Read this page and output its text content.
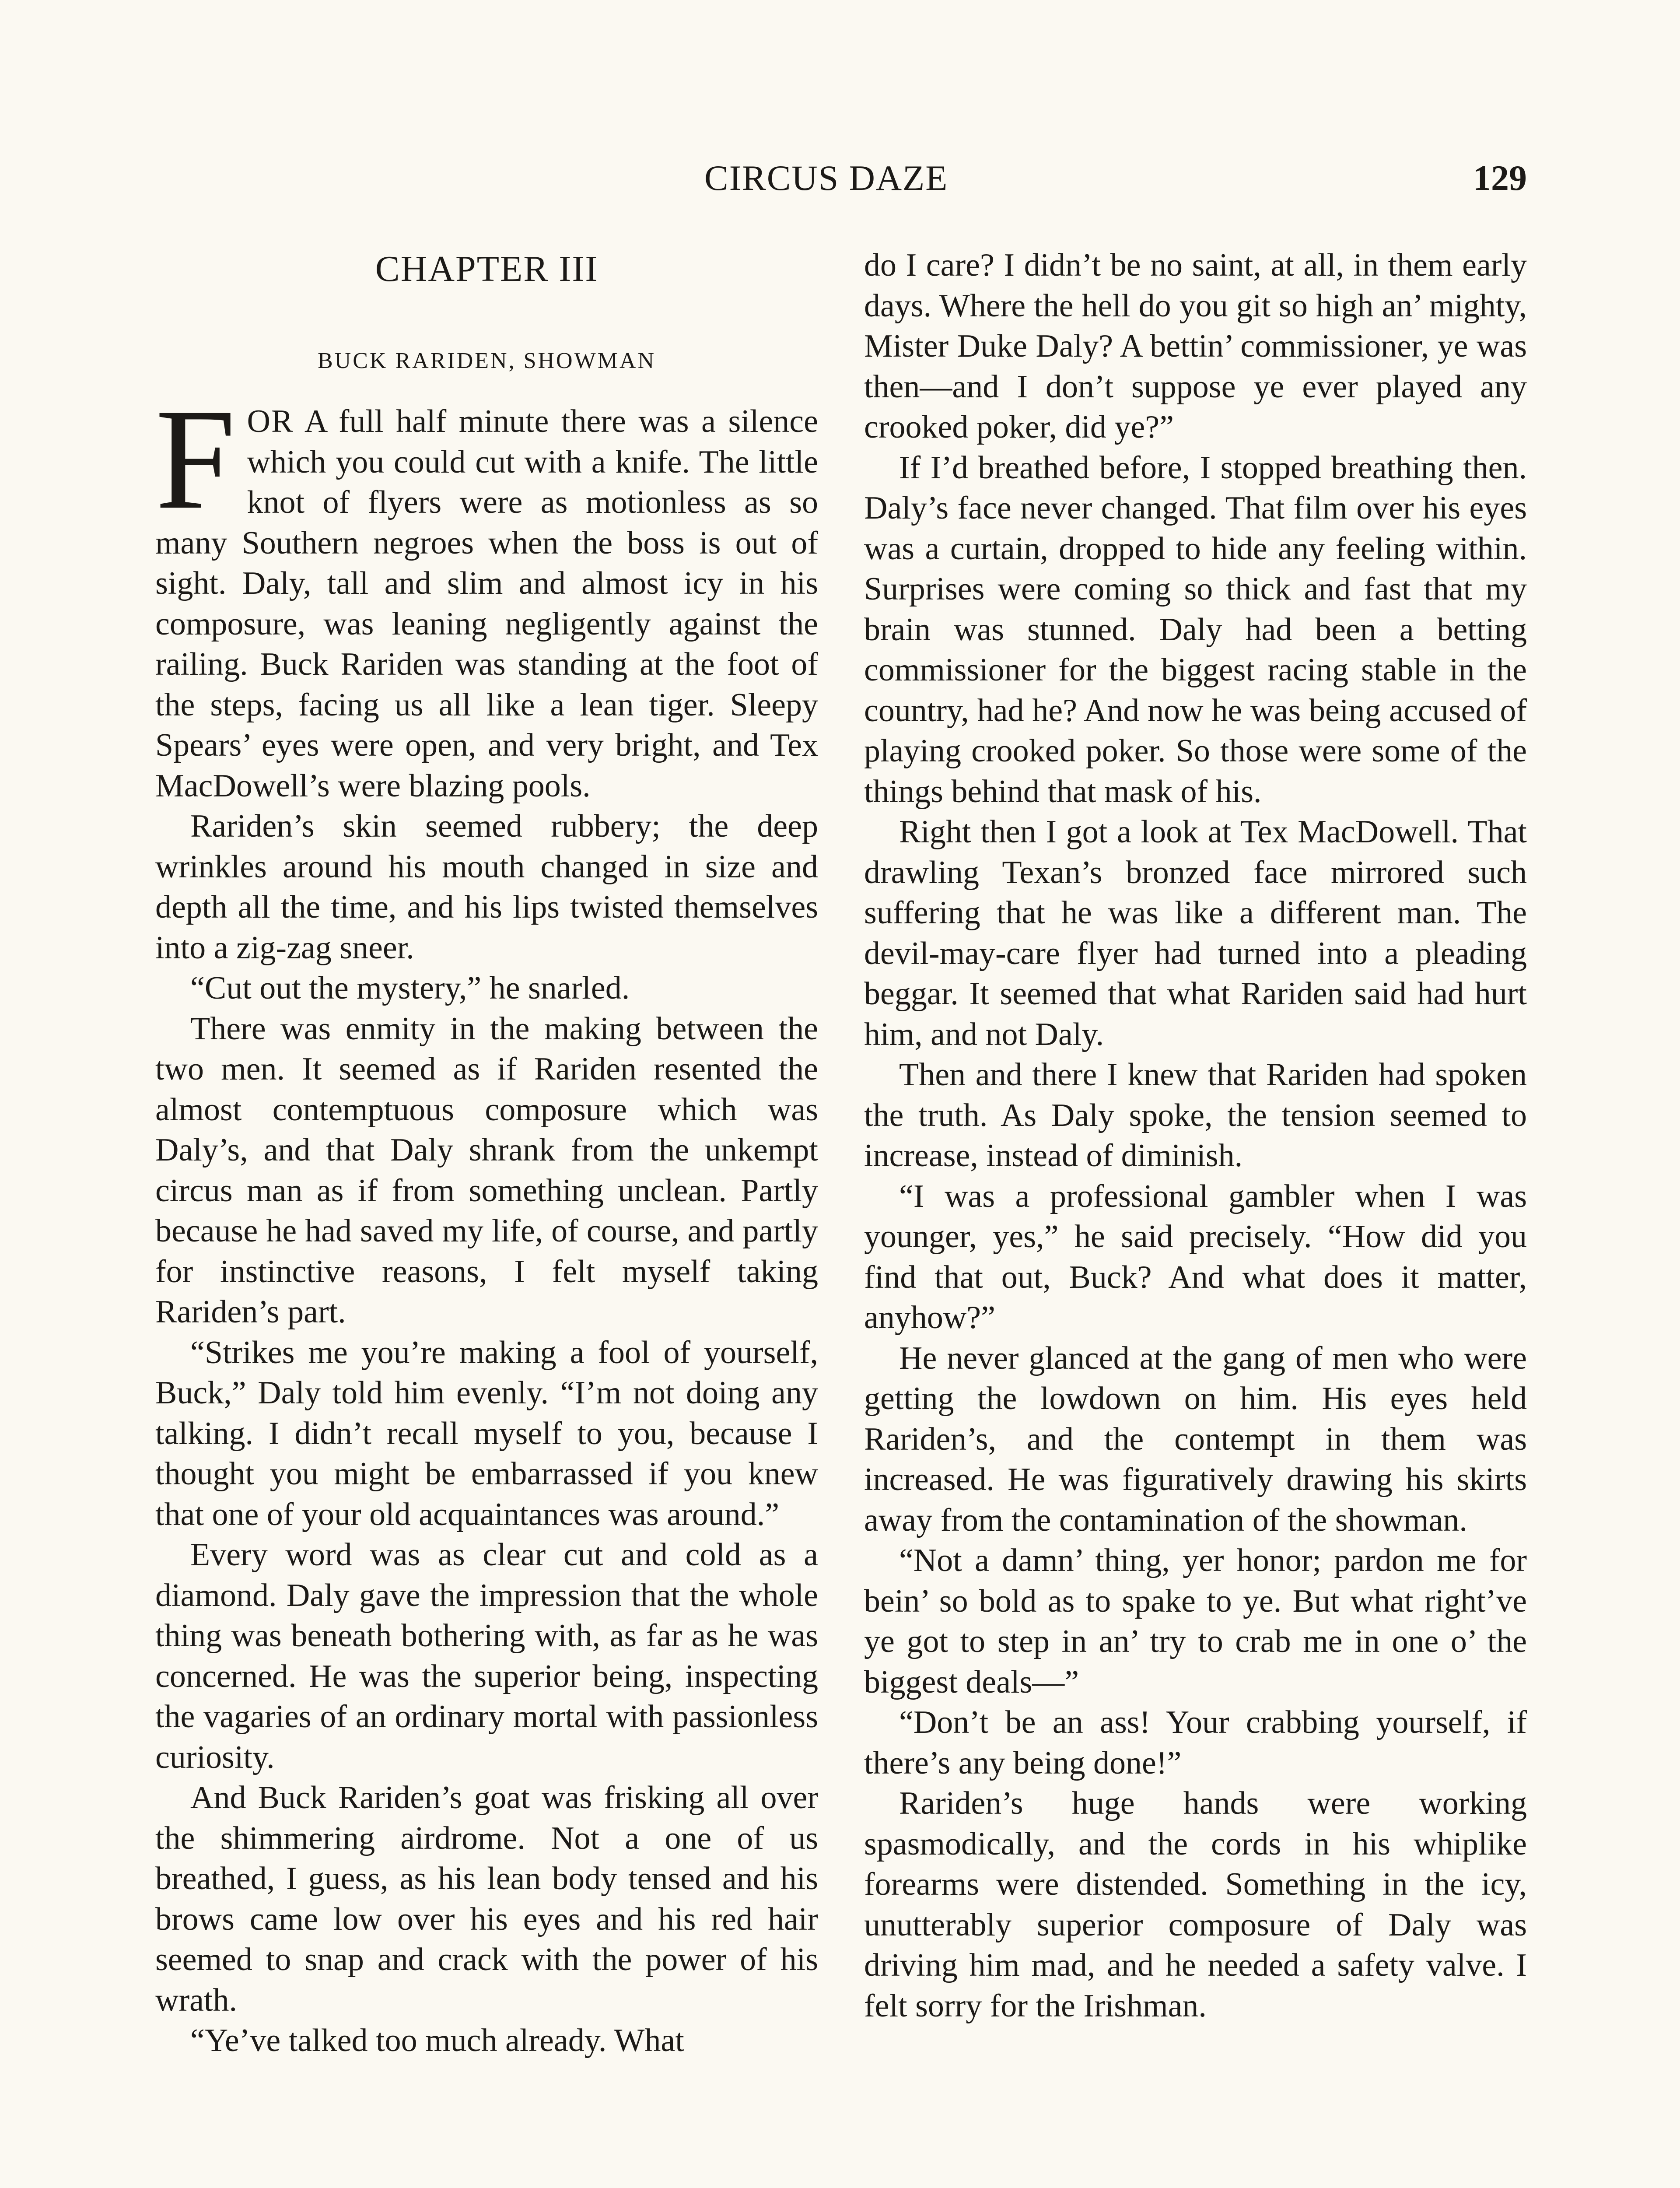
CIRCUS DAZE	129
CHAPTER III
BUCK RARIDEN, SHOWMAN

FOR A full half minute there was a silence which you could cut with a knife. The little knot of flyers were as motionless as so many Southern negroes when the boss is out of sight. Daly, tall and slim and almost icy in his composure, was leaning negligently against the railing. Buck Rariden was standing at the foot of the steps, facing us all like a lean tiger. Sleepy Spears’ eyes were open, and very bright, and Tex MacDowell’s were blazing pools.

Rariden’s skin seemed rubbery; the deep wrinkles around his mouth changed in size and depth all the time, and his lips twisted themselves into a zig-zag sneer.

“Cut out the mystery,” he snarled.

There was enmity in the making between the two men. It seemed as if Rariden resented the almost contemptuous composure which was Daly’s, and that Daly shrank from the unkempt circus man as if from something unclean. Partly because he had saved my life, of course, and partly for instinctive reasons, I felt myself taking Rariden’s part.

“Strikes me you’re making a fool of yourself, Buck,” Daly told him evenly. “I’m not doing any talking. I didn’t recall myself to you, because I thought you might be embarrassed if you knew that one of your old acquaintances was around.”

Every word was as clear cut and cold as a diamond. Daly gave the impression that the whole thing was beneath bothering with, as far as he was concerned. He was the superior being, inspecting the vagaries of an ordinary mortal with passionless curiosity.

And Buck Rariden’s goat was frisking all over the shimmering airdrome. Not a one of us breathed, I guess, as his lean body tensed and his brows came low over his eyes and his red hair seemed to snap and crack with the power of his wrath.

“Ye’ve talked too much already. What

do I care? I didn’t be no saint, at all, in them early days. Where the hell do you git so high an’ mighty, Mister Duke Daly? A bettin’ commissioner, ye was then—and I don’t suppose ye ever played any crooked poker, did ye?”

If I’d breathed before, I stopped breathing then. Daly’s face never changed. That film over his eyes was a curtain, dropped to hide any feeling within. Surprises were coming so thick and fast that my brain was stunned. Daly had been a betting commissioner for the biggest racing stable in the country, had he? And now he was being accused of playing crooked poker. So those were some of the things behind that mask of his.

Right then I got a look at Tex MacDowell. That drawling Texan’s bronzed face mirrored such suffering that he was like a different man. The devil-may-care flyer had turned into a pleading beggar. It seemed that what Rariden said had hurt him, and not Daly.

Then and there I knew that Rariden had spoken the truth. As Daly spoke, the tension seemed to increase, instead of diminish.

“I was a professional gambler when I was younger, yes,” he said precisely. “How did you find that out, Buck? And what does it matter, anyhow?”

He never glanced at the gang of men who were getting the lowdown on him. His eyes held Rariden’s, and the contempt in them was increased. He was figuratively drawing his skirts away from the contamination of the showman.

“Not a damn’ thing, yer honor; pardon me for bein’ so bold as to spake to ye. But what right’ve ye got to step in an’ try to crab me in one o’ the biggest deals—”

“Don’t be an ass! Your crabbing yourself, if there’s any being done!”

Rariden’s huge hands were working spasmodically, and the cords in his whiplike forearms were distended. Something in the icy, unutterably superior composure of Daly was driving him mad, and he needed a safety valve. I felt sorry for the Irishman.
